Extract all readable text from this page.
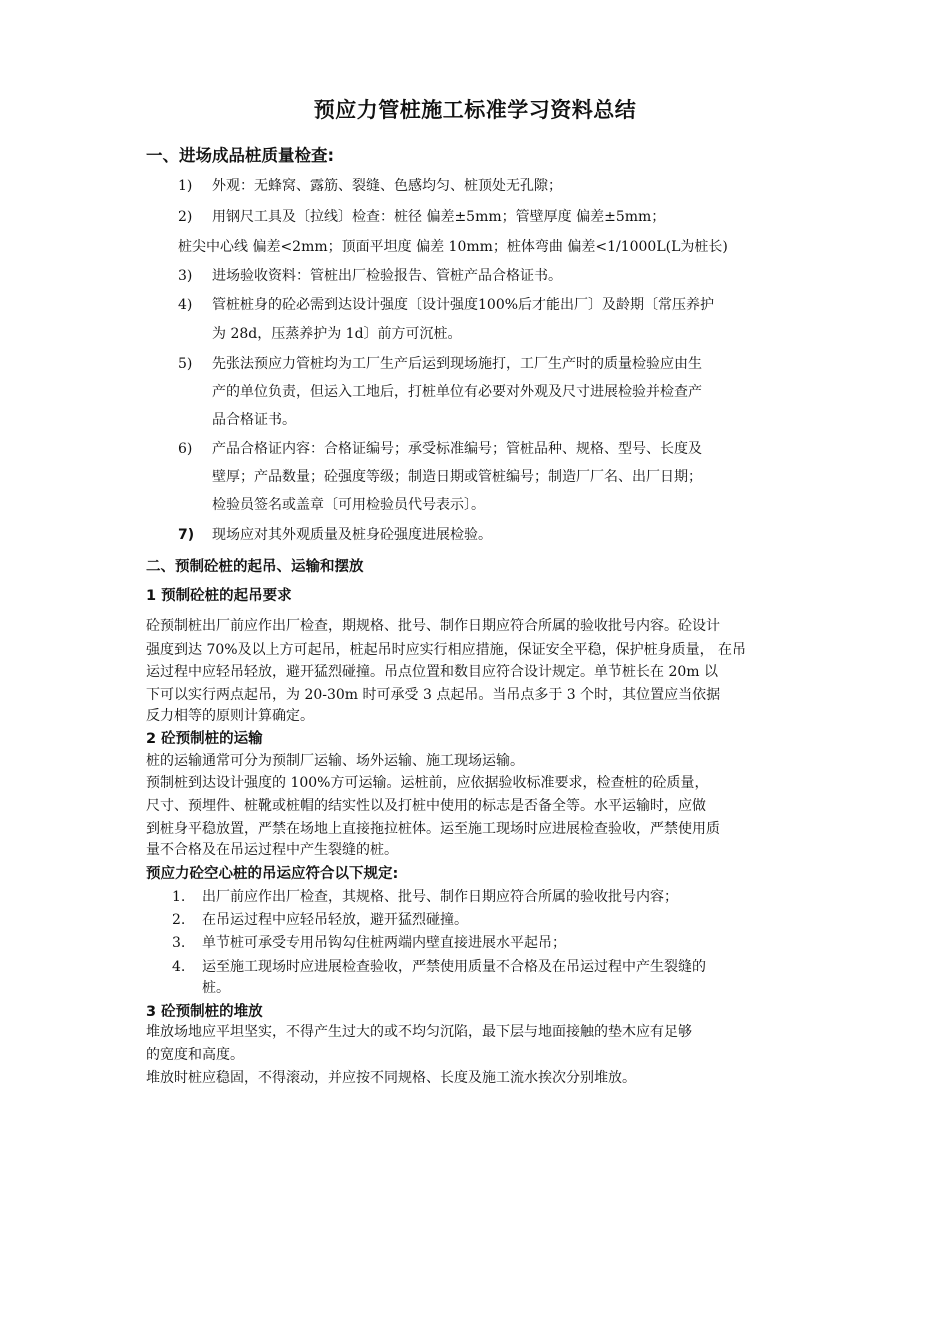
预应力管桩施工标准学习资料总结
一、进场成品桩质量检查:
1) 外观：无蜂窝、露筋、裂缝、色感均匀、桩顶处无孔隙；
2) 用钢尺工具及〔拉线〕检查：桩径 偏差±5mm；管壁厚度 偏差±5mm；
桩尖中心线 偏差<2mm；顶面平坦度 偏差 10mm；桩体弯曲 偏差<1/1000L(L为桩长)
3) 进场验收资料：管桩出厂检验报告、管桩产品合格证书。
4) 管桩桩身的砼必需到达设计强度〔设计强度100%后才能出厂〕及龄期〔常压养护
为 28d，压蒸养护为 1d〕前方可沉桩。
5) 先张法预应力管桩均为工厂生产后运到现场施打，工厂生产时的质量检验应由生
产的单位负责，但运入工地后，打桩单位有必要对外观及尺寸进展检验并检查产
品合格证书。
6) 产品合格证内容：合格证编号；承受标准编号；管桩品种、规格、型号、长度及
壁厚；产品数量；砼强度等级；制造日期或管桩编号；制造厂厂名、出厂日期；
检验员签名或盖章〔可用检验员代号表示〕。
7) 现场应对其外观质量及桩身砼强度进展检验。
二、预制砼桩的起吊、运输和摆放
1 预制砼桩的起吊要求
砼预制桩出厂前应作出厂检查，期规格、批号、制作日期应符合所属的验收批号内容。砼设计
强度到达 70%及以上方可起吊，桩起吊时应实行相应措施，保证安全平稳，保护桩身质量， 在吊
运过程中应轻吊轻放，避开猛烈碰撞。吊点位置和数目应符合设计规定。单节桩长在 20m 以
下可以实行两点起吊，为 20-30m 时可承受 3 点起吊。当吊点多于 3 个时，其位置应当依据
反力相等的原则计算确定。
2 砼预制桩的运输
桩的运输通常可分为预制厂运输、场外运输、施工现场运输。
预制桩到达设计强度的 100%方可运输。运桩前，应依据验收标准要求，检查桩的砼质量，
尺寸、预埋件、桩靴或桩帽的结实性以及打桩中使用的标志是否备全等。水平运输时，应做
到桩身平稳放置，严禁在场地上直接拖拉桩体。运至施工现场时应进展检查验收，严禁使用质
量不合格及在吊运过程中产生裂缝的桩。
预应力砼空心桩的吊运应符合以下规定:
1. 出厂前应作出厂检查，其规格、批号、制作日期应符合所属的验收批号内容；
2. 在吊运过程中应轻吊轻放，避开猛烈碰撞。
3. 单节桩可承受专用吊钩勾住桩两端内壁直接进展水平起吊；
4. 运至施工现场时应进展检查验收，严禁使用质量不合格及在吊运过程中产生裂缝的
桩。
3 砼预制桩的堆放
堆放场地应平坦坚实，不得产生过大的或不均匀沉陷，最下层与地面接触的垫木应有足够
的宽度和高度。
堆放时桩应稳固，不得滚动，并应按不同规格、长度及施工流水挨次分别堆放。
